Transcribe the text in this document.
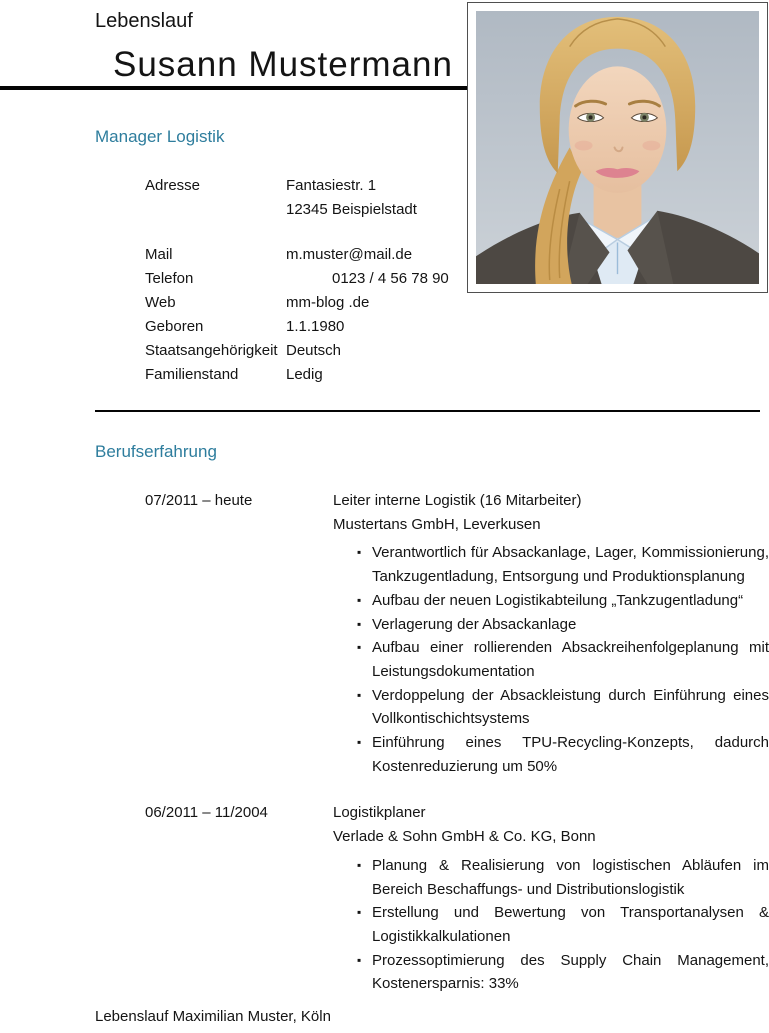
Lebenslauf
Susann Mustermann
Manager Logistik
Adresse	Fantasiestr. 1
12345 Beispielstadt
Mail	m.muster@mail.de
Telefon	0123 / 4 56 78 90
Web	mm-blog .de
Geboren	1.1.1980
Staatsangehörigkeit Deutsch
Familienstand	Ledig
Berufserfahrung
07/2011 – heute	Leiter interne Logistik (16 Mitarbeiter)
Mustertans GmbH, Leverkusen
▪ Verantwortlich für Absackanlage, Lager, Kommissionierung, Tankzugentladung, Entsorgung und Produktionsplanung
▪ Aufbau der neuen Logistikabteilung „Tankzugentladung“
▪ Verlagerung der Absackanlage
▪ Aufbau einer rollierenden Absackreihenfolgeplanung mit Leistungsdokumentation
▪ Verdoppelung der Absackleistung durch Einführung eines Vollkontischichtsystems
▪ Einführung eines TPU-Recycling-Konzepts, dadurch Kostenreduzierung um 50%
06/2011 – 11/2004	Logistikplaner
Verlade & Sohn GmbH & Co. KG, Bonn
▪ Planung & Realisierung von logistischen Abläufen im Bereich Beschaffungs- und Distributionslogistik
▪ Erstellung und Bewertung von Transportanalysen & Logistikkalkulationen
▪ Prozessoptimierung des Supply Chain Management, Kostenersparnis: 33%
Lebenslauf Maximilian Muster, Köln
